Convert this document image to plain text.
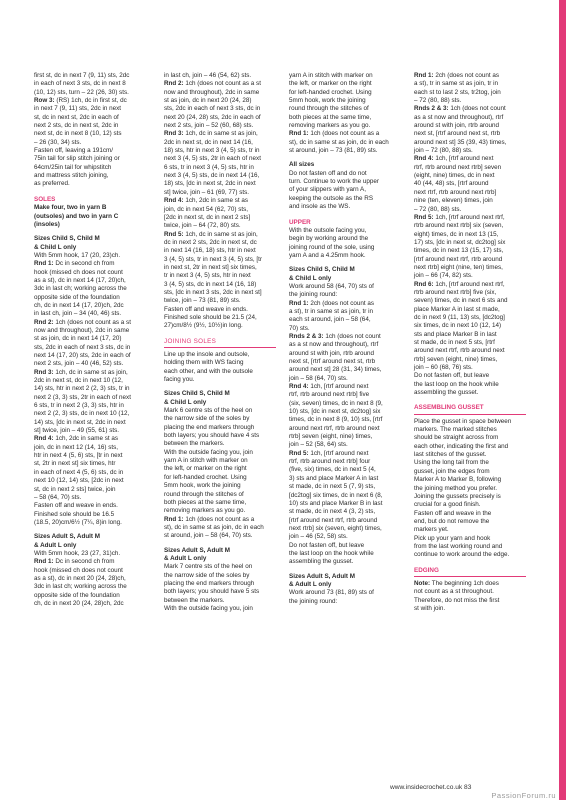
first st, dc in next 7 (9, 11) sts, 2dc
in each of next 3 sts, dc in next 8
(10, 12) sts, turn – 22 (26, 30) sts.

Row 3: (RS) 1ch, dc in first st, dc
in next 7 (9, 11) sts, 2dc in next
st, dc in next st, 2dc in each of
next 2 sts, dc in next st, 2dc in
next st, dc in next 8 (10, 12) sts
– 26 (30, 34) sts.

Fasten off, leaving a 191cm/
75in tail for slip stitch joining or
64cm/25in tail for whipstitch
and mattress stitch joining,
as preferred.

SOLES

Make four, two in yarn B
(outsoles) and two in yarn C
(insoles)

Sizes Child S, Child M
& Child L only

With 5mm hook, 17 (20, 23)ch.

Rnd 1: Dc in second ch from
hook (missed ch does not count
as a st), dc in next 14 (17, 20)ch,
3dc in last ch; working across the
opposite side of the foundation
ch, dc in next 14 (17, 20)ch, 2dc
in last ch, join – 34 (40, 46) sts.

Rnd 2: 1ch (does not count as a st
now and throughout), 2dc in same
st as join, dc in next 14 (17, 20)
sts, 2dc in each of next 3 sts, dc in
next 14 (17, 20) sts, 2dc in each of
next 2 sts, join – 40 (46, 52) sts.

Rnd 3: 1ch, dc in same st as join,
2dc in next st, dc in next 10 (12,
14) sts, htr in next 2 (2, 3) sts, tr in
next 2 (3, 3) sts, 2tr in each of next
6 sts, tr in next 2 (3, 3) sts, htr in
next 2 (2, 3) sts, dc in next 10 (12,
14) sts, [dc in next st, 2dc in next
st] twice, join – 49 (55, 61) sts.

Rnd 4: 1ch, 2dc in same st as
join, dc in next 12 (14, 16) sts,
htr in next 4 (5, 6) sts, [tr in next
st, 2tr in next st] six times, htr
in each of next 4 (5, 6) sts, dc in
next 10 (12, 14) sts, [2dc in next
st, dc in next 2 sts] twice, join
– 58 (64, 70) sts.

Fasten off and weave in ends.
Finished sole should be 16.5
(18.5, 20)cm/6½ (7¼, 8)in long.

Sizes Adult S, Adult M
& Adult L only

With 5mm hook, 23 (27, 31)ch.

Rnd 1: Dc in second ch from
hook (missed ch does not count
as a st), dc in next 20 (24, 28)ch,
3dc in last ch; working across the
opposite side of the foundation
ch, dc in next 20 (24, 28)ch, 2dc

in last ch, join – 46 (54, 62) sts.

Rnd 2: 1ch (does not count as a st
now and throughout), 2dc in same
st as join, dc in next 20 (24, 28)
sts, 2dc in each of next 3 sts, dc in
next 20 (24, 28) sts, 2dc in each of
next 2 sts, join – 52 (60, 68) sts.

Rnd 3: 1ch, dc in same st as join,
2dc in next st, dc in next 14 (16,
18) sts, htr in next 3 (4, 5) sts, tr in
next 3 (4, 5) sts, 2tr in each of next
6 sts, tr in next 3 (4, 5) sts, htr in
next 3 (4, 5) sts, dc in next 14 (16,
18) sts, [dc in next st, 2dc in next
st] twice, join – 61 (69, 77) sts.

Rnd 4: 1ch, 2dc in same st as
join, dc in next 54 (62, 70) sts,
[2dc in next st, dc in next 2 sts]
twice, join – 64 (72, 80) sts.

Rnd 5: 1ch, dc in same st as join,
dc in next 2 sts, 2dc in next st, dc
in next 14 (16, 18) sts, htr in next
3 (4, 5) sts, tr in next 3 (4, 5) sts, [tr
in next st, 2tr in next st] six times,
tr in next 3 (4, 5) sts, htr in next
3 (4, 5) sts, dc in next 14 (16, 18)
sts, [dc in next 3 sts, 2dc in next st]
twice, join – 73 (81, 89) sts.

Fasten off and weave in ends.
Finished sole should be 21.5 (24,
27)cm/8½ (9½, 10½)in long.

JOINING SOLES

Line up the insole and outsole,
holding them with WS facing
each other, and with the outsole
facing you.

Sizes Child S, Child M
& Child L only

Mark 6 centre sts of the heel on
the narrow side of the soles by
placing the end markers through
both layers; you should have 4 sts
between the markers.
With the outside facing you, join
yarn A in stitch with marker on
the left, or marker on the right
for left-handed crochet. Using
5mm hook, work the joining
round through the stitches of
both pieces at the same time,
removing markers as you go.

Rnd 1: 1ch (does not count as a
st), dc in same st as join, dc in each
st around, join – 58 (64, 70) sts.

Sizes Adult S, Adult M
& Adult L only

Mark 7 centre sts of the heel on
the narrow side of the soles by
placing the end markers through
both layers; you should have 5 sts
between the markers.
With the outside facing you, join

yarn A in stitch with marker on
the left, or marker on the right
for left-handed crochet. Using
5mm hook, work the joining
round through the stitches of
both pieces at the same time,
removing markers as you go.

Rnd 1: 1ch (does not count as a
st), dc in same st as join, dc in each
st around, join – 73 (81, 89) sts.

All sizes

Do not fasten off and do not
turn. Continue to work the upper
of your slippers with yarn A,
keeping the outsole as the RS
and insole as the WS.

UPPER

With the outsole facing you,
begin by working around the
joining round of the sole, using
yarn A and a 4.25mm hook.

Sizes Child S, Child M
& Child L only

Work around 58 (64, 70) sts of
the joining round:

Rnd 1: 2ch (does not count as
a st), tr in same st as join, tr in
each st around, join – 58 (64,
70) sts.

Rnds 2 & 3: 1ch (does not count
as a st now and throughout), rtrf
around st with join, rtrb around
next st, [rtrf around next st, rtrb
around next st] 28 (31, 34) times,
join – 58 (64, 70) sts.

Rnd 4: 1ch, [rtrf around next
rtrf, rtrb around next rtrb] five
(six, seven) times, dc in next 8 (9,
10) sts, [dc in next st, dc2tog] six
times, dc in next 8 (9, 10) sts, [rtrf
around next rtrf, rtrb around next
rtrb] seven (eight, nine) times,
join – 52 (58, 64) sts.

Rnd 5: 1ch, [rtrf around next
rtrf, rtrb around next rtrb] four
(five, six) times, dc in next 5 (4,
3) sts and place Marker A in last
st made, dc in next 5 (7, 9) sts,
[dc2tog] six times, dc in next 6 (8,
10) sts and place Marker B in last
st made, dc in next 4 (3, 2) sts,
[rtrf around next rtrf, rtrb around
next rtrb] six (seven, eight) times,
join – 46 (52, 58) sts.

Do not fasten off, but leave
the last loop on the hook while
assembling the gusset.

Sizes Adult S, Adult M
& Adult L only

Work around 73 (81, 89) sts of
the joining round:

Rnd 1: 2ch (does not count as
a st), tr in same st as join, tr in
each st to last 2 sts, tr2tog, join
– 72 (80, 88) sts.

Rnds 2 & 3: 1ch (does not count
as a st now and throughout), rtrf
around st with join, rtrb around
next st, [rtrf around next st, rtrb
around next st] 35 (39, 43) times,
join – 72 (80, 88) sts.

Rnd 4: 1ch, [rtrf around next
rtrf, rtrb around next rtrb] seven
(eight, nine) times, dc in next
40 (44, 48) sts, [rtrf around
next rtrf, rtrb around next rtrb]
nine (ten, eleven) times, join
– 72 (80, 88) sts.

Rnd 5: 1ch, [rtrf around next rtrf,
rtrb around next rtrb] six (seven,
eight) times, dc in next 13 (15,
17) sts, [dc in next st, dc2tog] six
times, dc in next 13 (15, 17) sts,
[rtrf around next rtrf, rtrb around
next rtrb] eight (nine, ten) times,
join – 66 (74, 82) sts.

Rnd 6: 1ch, [rtrf around next rtrf,
rtrb around next rtrb] five (six,
seven) times, dc in next 6 sts and
place Marker A in last st made,
dc in next 9 (11, 13) sts, [dc2tog]
six times, dc in next 10 (12, 14)
sts and place Marker B in last
st made, dc in next 5 sts, [rtrf
around next rtrf, rtrb around next
rtrb] seven (eight, nine) times,
join – 60 (68, 76) sts.

Do not fasten off, but leave
the last loop on the hook while
assembling the gusset.

ASSEMBLING GUSSET

Place the gusset in space between
markers. The marked stitches
should be straight across from
each other, indicating the first and
last stitches of the gusset.
Using the long tail from the
gusset, join the edges from
Marker A to Marker B, following
the joining method you prefer.
Joining the gussets precisely is
crucial for a good finish.
Fasten off and weave in the
end, but do not remove the
markers yet.
Pick up your yarn and hook
from the last working round and
continue to work around the edge.

EDGING

Note: The beginning 1ch does
not count as a st throughout.
Therefore, do not miss the first
st with join.

www.insidecrochet.co.uk 83
PassionForum.ru
